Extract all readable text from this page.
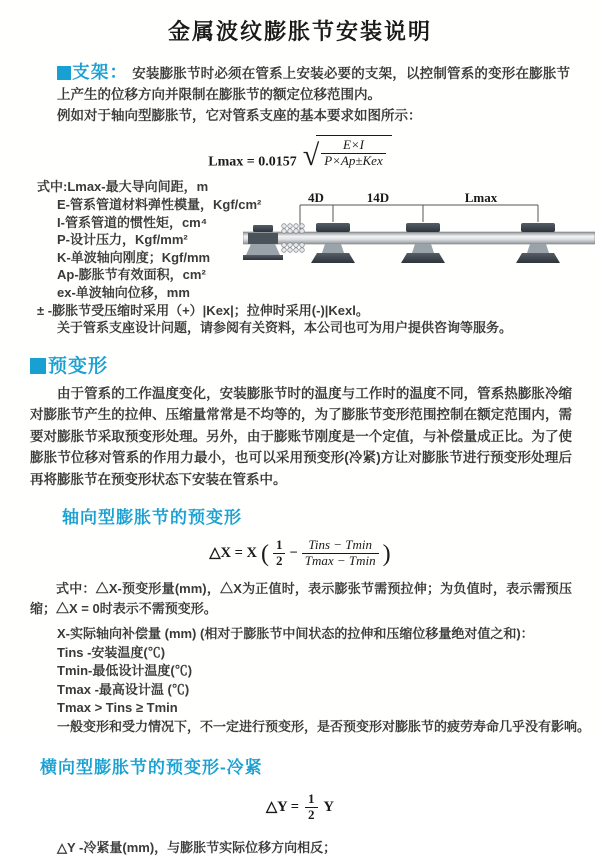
金属波纹膨胀节安装说明
支架： 安装膨胀节时必须在管系上安装必要的支架，以控制管系的变形在膨胀节上产生的位移方向并限制在膨胀节的额定位移范围内。
例如对于轴向型膨胀节，它对管系支座的基本要求如图所示：
Lmax = 0.0157 √ $\frac{E\times I}{\text{P×Ap±Kex}}$
式中:Lmax-最大导向间距，m
E-管系管道材料弹性模量，Kgf/cm²
I-管系管道的惯性矩，cm⁴
P-设计压力，Kgf/mm²
K-单波轴向刚度；Kgf/mm
Ap-膨胀节有效面积，cm²
ex-单波轴向位移，mm
± -膨胀节受压缩时采用（+）|Kex|；拉伸时采用(-)|Kexl。
关于管系支座设计问题，请参阅有关资料，本公司也可为用户提供咨询等服务。
4D	14D	Lmax
预变形
由于管系的工作温度变化，安装膨胀节时的温度与工作时的温度不同，管系热膨胀冷缩对膨胀节产生的拉伸、压缩量常常是不均等的，为了膨胀节变形范围控制在额定范围内，需要对膨胀节采取预变形处理。另外，由于膨账节刚度是一个定值，与补偿量成正比。为了使膨胀节位移对管系的作用力最小，也可以采用预变形(冷紧)方让对膨胀节进行预变形处理后再将膨胀节在预变形状态下安装在管系中。
轴向型膨胀节的预变形
△X = X ( $\frac{1}{2} - \frac{\text{Tins − Tmin}}{Tmax - Tmin}$ )
式中：△X-预变形量(mm)，△X为正值时，表示膨张节需预拉伸；为负值时，表示需预压缩；△X = 0时表示不需预变形。
X-实际轴向补偿量 (mm) (相对于膨胀节中间状态的拉伸和压缩位移量绝对值之和)：
Tins -安装温度(℃)
Tmin-最低设计温度(℃)
Tmax -最高设计温 (℃)
Tmax > Tins ≥ Tmin
一般变形和受力情况下，不一定进行预变形，是否预变形对膨胀节的疲劳寿命几乎没有影响。
横向型膨胀节的预变形-冷紧
△Y = $\frac{1}{2}$ Y
△Y -冷紧量(mm)，与膨胀节实际位移方向相反；
